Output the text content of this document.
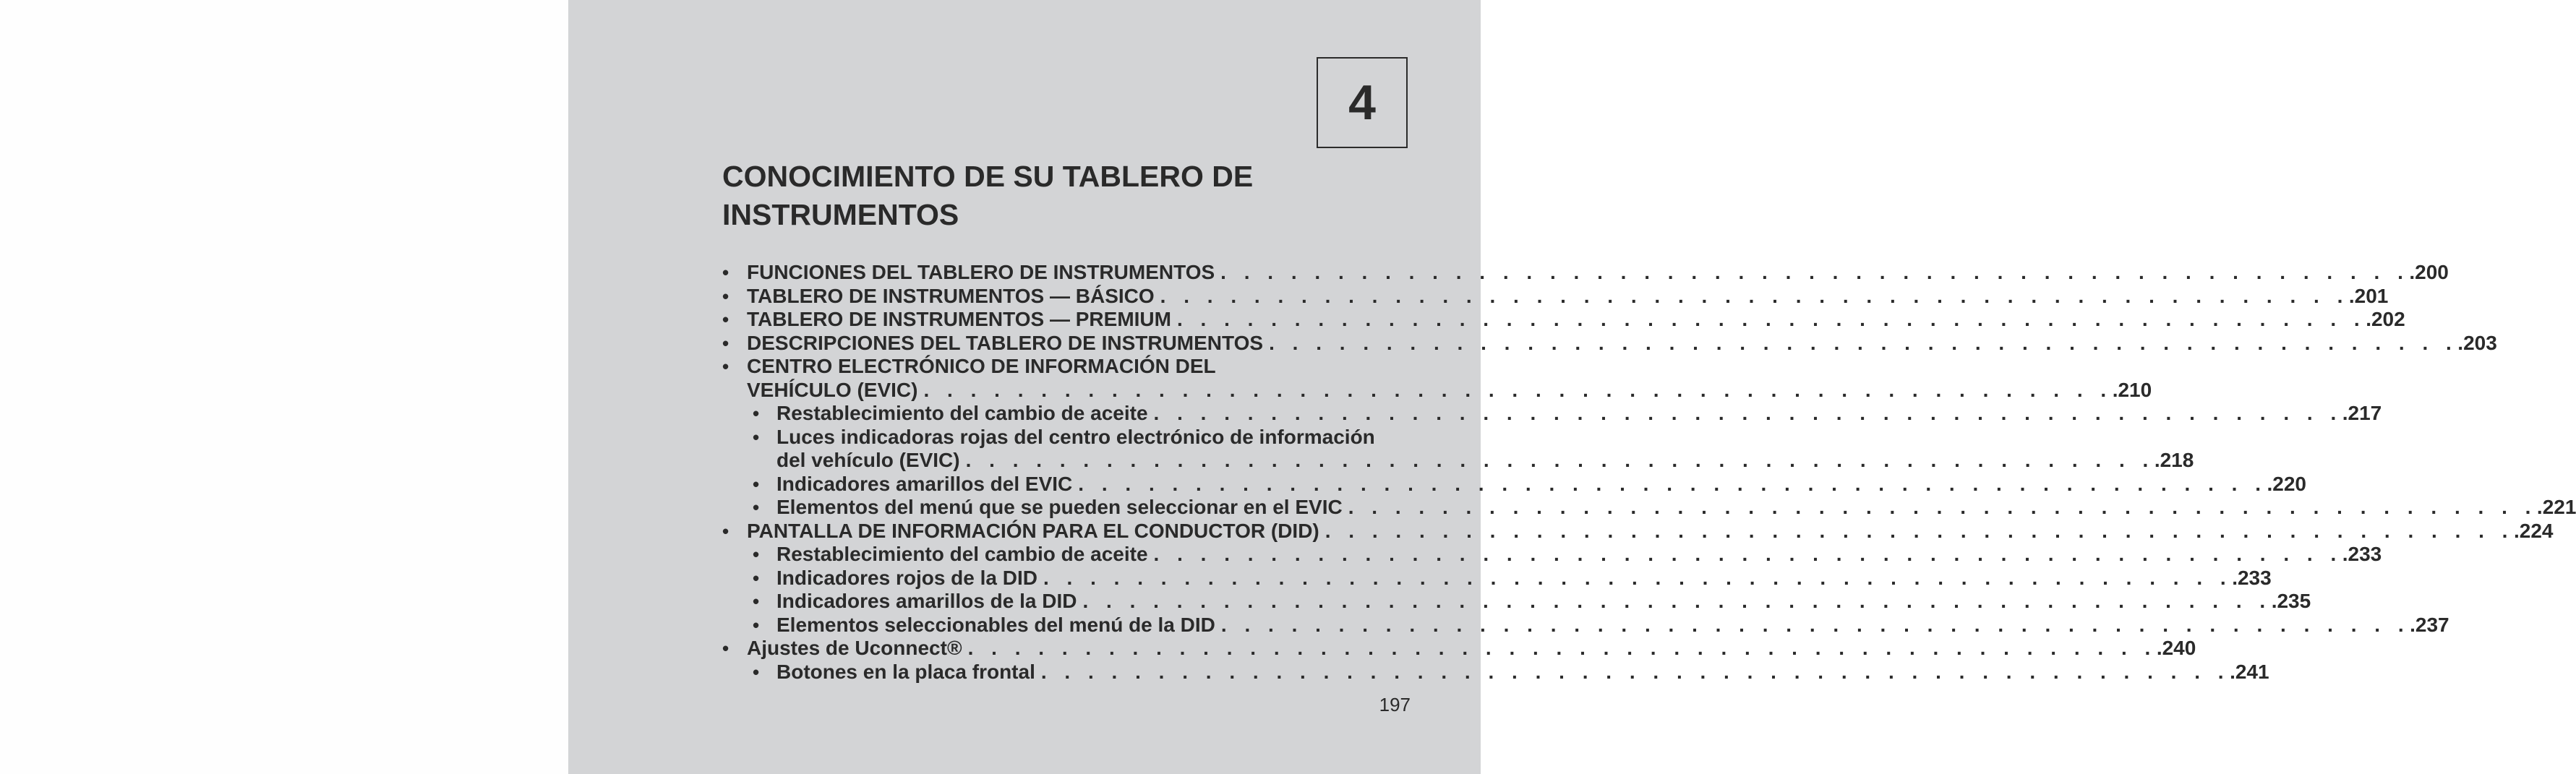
4
CONOCIMIENTO DE SU TABLERO DE
INSTRUMENTOS
• FUNCIONES DEL TABLERO DE INSTRUMENTOS . . . . . . . . . . . . . . . . . . . . . . . . . . . . . . . . . . . . . . . . . . . . . . . . . . . .200
• TABLERO DE INSTRUMENTOS — BÁSICO . . . . . . . . . . . . . . . . . . . . . . . . . . . . . . . . . . . . . . . . . . . . . . . . . . . .201
• TABLERO DE INSTRUMENTOS — PREMIUM . . . . . . . . . . . . . . . . . . . . . . . . . . . . . . . . . . . . . . . . . . . . . . . . . . . .202
• DESCRIPCIONES DEL TABLERO DE INSTRUMENTOS . . . . . . . . . . . . . . . . . . . . . . . . . . . . . . . . . . . . . . . . . . . . . . . . . . . .203
• CENTRO ELECTRÓNICO DE INFORMACIÓN DEL
VEHÍCULO (EVIC) . . . . . . . . . . . . . . . . . . . . . . . . . . . . . . . . . . . . . . . . . . . . . . . . . . . .210
• Restablecimiento del cambio de aceite . . . . . . . . . . . . . . . . . . . . . . . . . . . . . . . . . . . . . . . . . . . . . . . . . . . .217
• Luces indicadoras rojas del centro electrónico de información
del vehículo (EVIC) . . . . . . . . . . . . . . . . . . . . . . . . . . . . . . . . . . . . . . . . . . . . . . . . . . . .218
• Indicadores amarillos del EVIC . . . . . . . . . . . . . . . . . . . . . . . . . . . . . . . . . . . . . . . . . . . . . . . . . . . .220
• Elementos del menú que se pueden seleccionar en el EVIC . . . . . . . . . . . . . . . . . . . . . . . . . . . . . . . . . . . . . . . . . . . . . . . . . . . .221
• PANTALLA DE INFORMACIÓN PARA EL CONDUCTOR (DID) . . . . . . . . . . . . . . . . . . . . . . . . . . . . . . . . . . . . . . . . . . . . . . . . . . . .224
• Restablecimiento del cambio de aceite . . . . . . . . . . . . . . . . . . . . . . . . . . . . . . . . . . . . . . . . . . . . . . . . . . . .233
• Indicadores rojos de la DID . . . . . . . . . . . . . . . . . . . . . . . . . . . . . . . . . . . . . . . . . . . . . . . . . . . .233
• Indicadores amarillos de la DID . . . . . . . . . . . . . . . . . . . . . . . . . . . . . . . . . . . . . . . . . . . . . . . . . . . .235
• Elementos seleccionables del menú de la DID . . . . . . . . . . . . . . . . . . . . . . . . . . . . . . . . . . . . . . . . . . . . . . . . . . . .237
• Ajustes de Uconnect® . . . . . . . . . . . . . . . . . . . . . . . . . . . . . . . . . . . . . . . . . . . . . . . . . . . .240
• Botones en la placa frontal . . . . . . . . . . . . . . . . . . . . . . . . . . . . . . . . . . . . . . . . . . . . . . . . . . . .241
197
